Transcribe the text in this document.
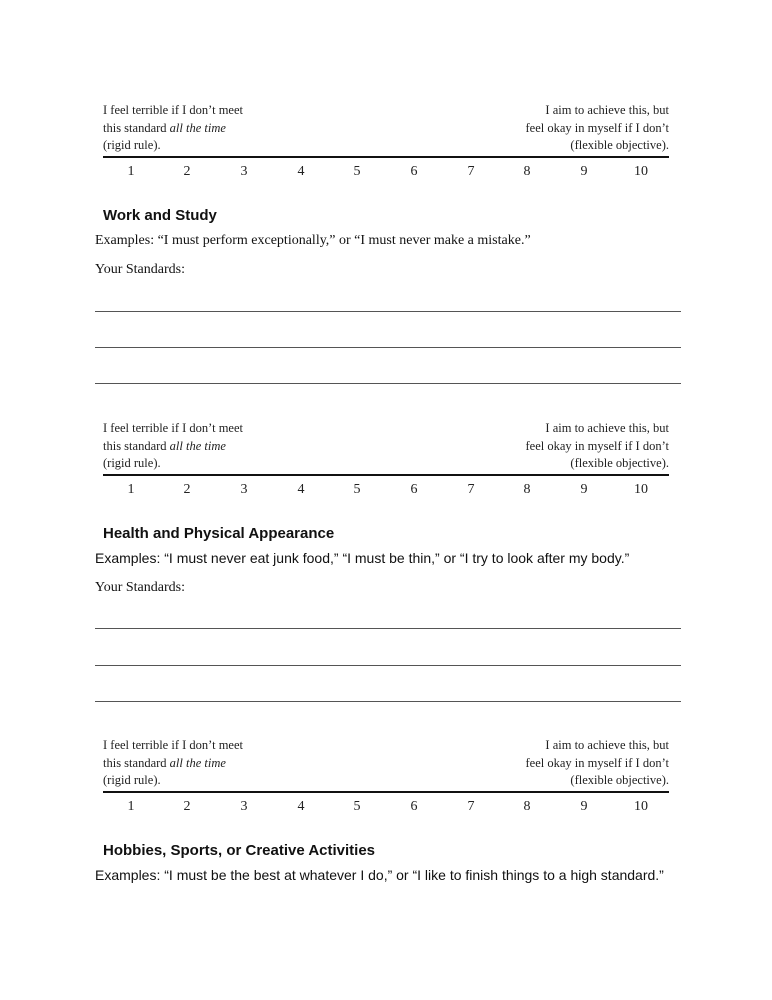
I feel terrible if I don’t meet
this standard all the time
(rigid rule).
I aim to achieve this, but
feel okay in myself if I don’t
(flexible objective).
1	2	3	4	5	6	7	8	9	10
Work and Study
Examples: “I must perform exceptionally,” or “I must never make a mistake.”
Your Standards:
I feel terrible if I don’t meet
this standard all the time
(rigid rule).
I aim to achieve this, but
feel okay in myself if I don’t
(flexible objective).
1	2	3	4	5	6	7	8	9	10
Health and Physical Appearance
Examples: “I must never eat junk food,” “I must be thin,” or “I try to look after my body.”
Your Standards:
I feel terrible if I don’t meet
this standard all the time
(rigid rule).
I aim to achieve this, but
feel okay in myself if I don’t
(flexible objective).
1	2	3	4	5	6	7	8	9	10
Hobbies, Sports, or Creative Activities
Examples: “I must be the best at whatever I do,” or “I like to finish things to a high standard.”
